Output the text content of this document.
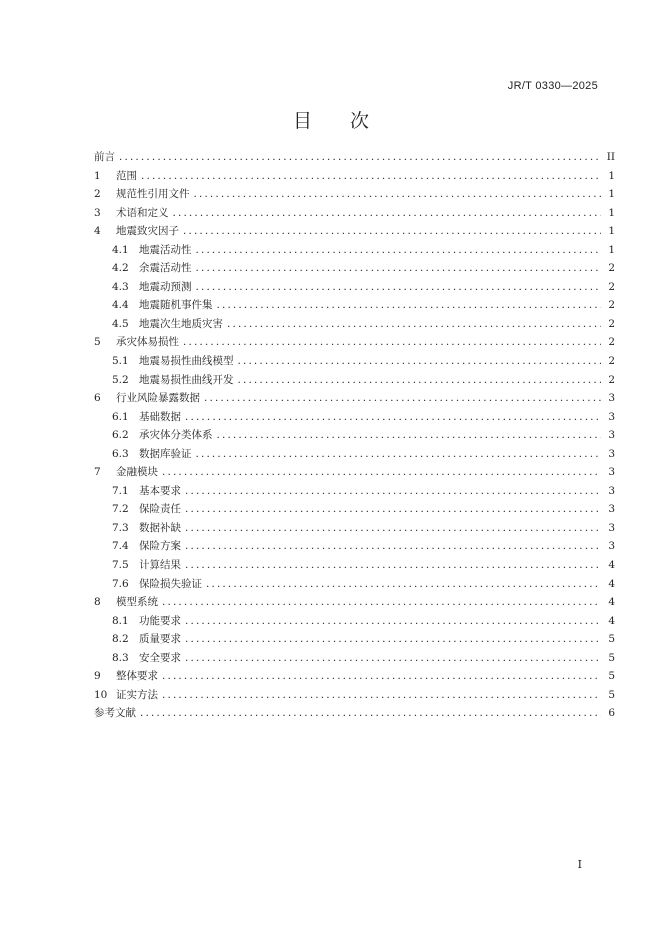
JR/T 0330—2025
目　　次
前言 . . .	II
1	范围 . . .	1
2	规范性引用文件 . . .	1
3	术语和定义 . . .	1
4	地震致灾因子 . . .	1
4.1 地震活动性 . . .	1
4.2 余震活动性 . . .	2
4.3 地震动预测 . . .	2
4.4 地震随机事件集 . . .	2
4.5 地震次生地质灾害 . . .	2
5	承灾体易损性 . . .	2
5.1 地震易损性曲线模型 . . .	2
5.2 地震易损性曲线开发 . . .	2
6	行业风险暴露数据 . . .	3
6.1 基础数据 . . .	3
6.2 承灾体分类体系 . . .	3
6.3 数据库验证 . . .	3
7	金融模块 . . .	3
7.1 基本要求 . . .	3
7.2 保险责任 . . .	3
7.3 数据补缺 . . .	3
7.4 保险方案 . . .	3
7.5 计算结果 . . .	4
7.6 保险损失验证 . . .	4
8	模型系统 . . .	4
8.1 功能要求 . . .	4
8.2 质量要求 . . .	5
8.3 安全要求 . . .	5
9	整体要求 . . .	5
10 证实方法 . . .	5
参考文献 . . .	6
I
